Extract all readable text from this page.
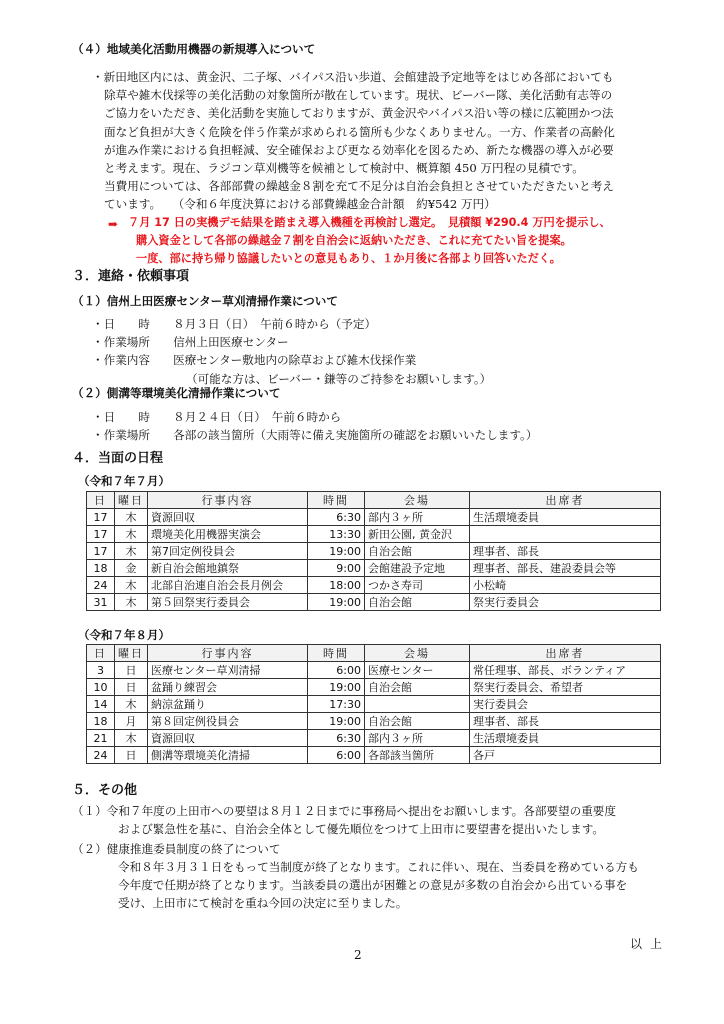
（４）地域美化活動用機器の新規導入について
・新田地区内には、黄金沢、二子塚、バイパス沿い歩道、会館建設予定地等をはじめ各部においても
除草や雑木伐採等の美化活動の対象箇所が散在しています。現状、ビーバー隊、美化活動有志等の
ご協力をいただき、美化活動を実施しておりますが、黄金沢やバイパス沿い等の様に広範囲かつ法
面など負担が大きく危険を伴う作業が求められる箇所も少なくありません。一方、作業者の高齢化
が進み作業における負担軽減、安全確保および更なる効率化を図るため、新たな機器の導入が必要
と考えます。現在、ラジコン草刈機等を候補として検討中、概算額 450 万円程の見積です。
当費用については、各部部費の繰越金８割を充て不足分は自治会負担とさせていただきたいと考え
ています。　　（令和６年度決算における部費繰越金合計額　約¥542 万円）
➡ ７月 17 日の実機デモ結果を踏まえ導入機種を再検討し選定。　見積額 ¥290.4 万円を提示し、
購入資金として各部の繰越金７割を自治会に返納いただき、これに充てたい旨を提案。
一度、部に持ち帰り協議したいとの意見もあり、１か月後に各部より回答いただく。
３．連絡・依頼事項
（１）信州上田医療センター草刈清掃作業について
・日　　時　　８月３日（日）　午前６時から（予定）
・作業場所　　信州上田医療センター
・作業内容　　医療センター敷地内の除草および雑木伐採作業
（可能な方は、ビーバー・鎌等のご持参をお願いします。）
（２）側溝等環境美化清掃作業について
・日　　時　　８月２４日（日）　午前６時から
・作業場所　　各部の該当箇所（大雨等に備え実施箇所の確認をお願いいたします。）
４．当面の日程
（令和７年７月）
日	曜日	行事内容	時間	会場	出席者
17	木	資源回収	6:30	部内３ヶ所	生活環境委員
17	木	環境美化用機器実演会	13:30	新田公園, 黄金沢	
17	木	第7回定例役員会	19:00	自治会館	理事者、部長
18	金	新自治会館地鎮祭	9:00	会館建設予定地	理事者、部長、建設委員会等
24	木	北部自治連自治会長月例会	18:00	つかさ寿司	小松崎
31	木	第５回祭実行委員会	19:00	自治会館	祭実行委員会
（令和７年８月）
日	曜日	行事内容	時間	会場	出席者
3	日	医療センター草刈清掃	6:00	医療センター	常任理事、部長、ボランティア
10	日	盆踊り練習会	19:00	自治会館	祭実行委員会、希望者
14	木	納涼盆踊り	17:30		実行委員会
18	月	第８回定例役員会	19:00	自治会館	理事者、部長
21	木	資源回収	6:30	部内３ヶ所	生活環境委員
24	日	側溝等環境美化清掃	6:00	各部該当箇所	各戸
５．その他
（１）令和７年度の上田市への要望は８月１２日までに事務局へ提出をお願いします。各部要望の重要度
および緊急性を基に、自治会全体として優先順位をつけて上田市に要望書を提出いたします。
（２）健康推進委員制度の終了について
令和８年３月３１日をもって当制度が終了となります。これに伴い、現在、当委員を務めている方も
今年度で任期が終了となります。当該委員の選出が困難との意見が多数の自治会から出ている事を
受け、上田市にて検討を重ね今回の決定に至りました。
以上
2
